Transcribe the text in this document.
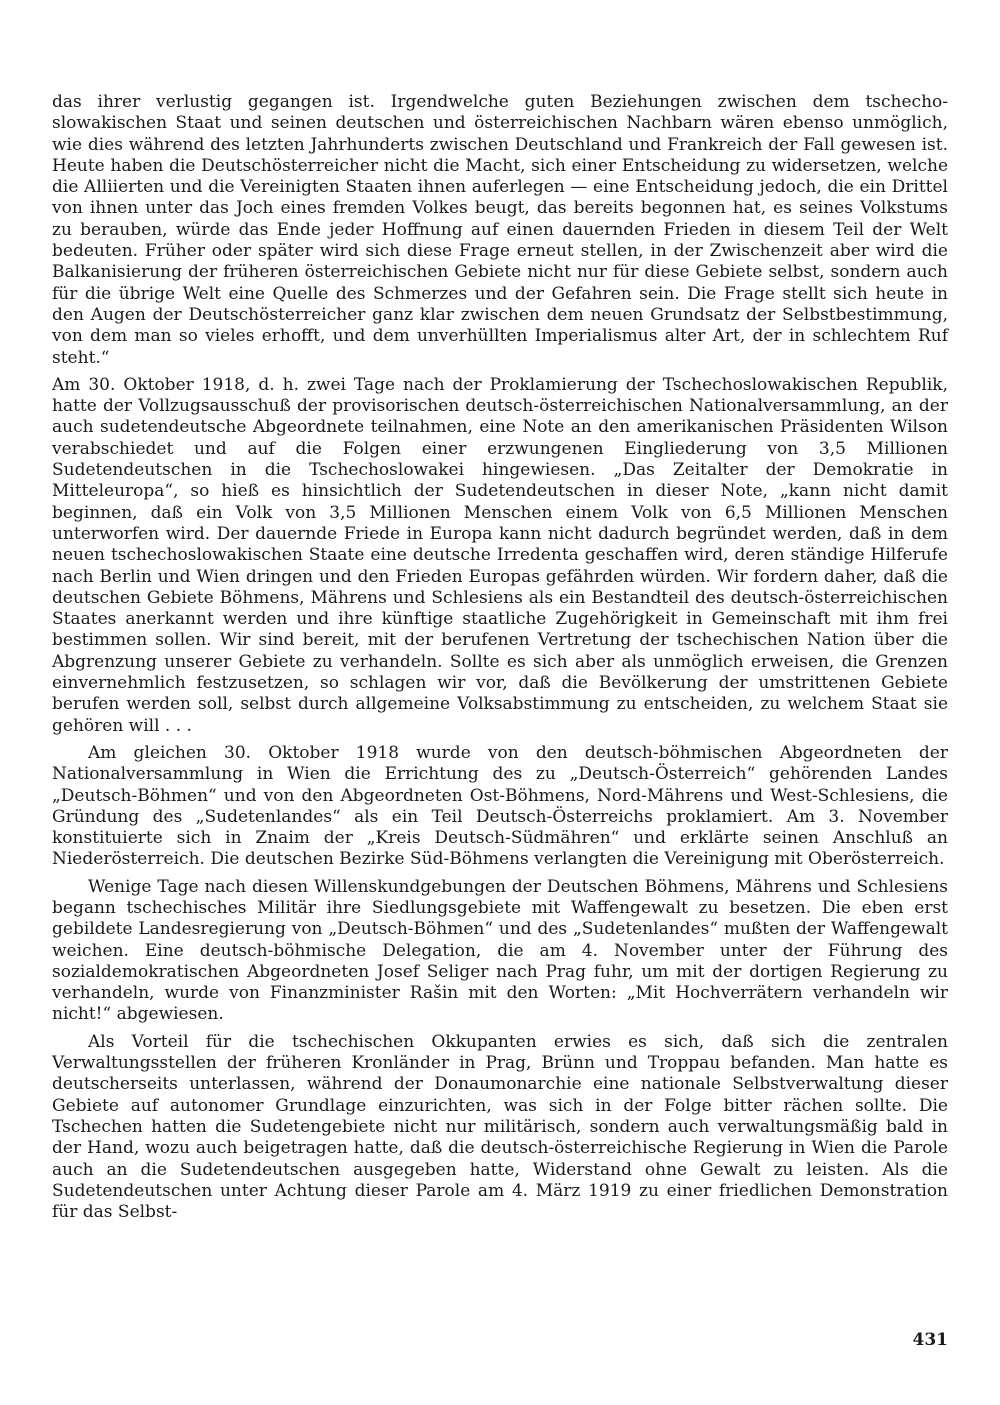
das ihrer verlustig gegangen ist. Irgendwelche guten Beziehungen zwischen dem tschechoslowakischen Staat und seinen deutschen und österreichischen Nachbarn wären ebenso unmöglich, wie dies während des letzten Jahrhunderts zwischen Deutschland und Frankreich der Fall gewesen ist. Heute haben die Deutschösterreicher nicht die Macht, sich einer Entscheidung zu widersetzen, welche die Alliierten und die Vereinigten Staaten ihnen auferlegen — eine Entscheidung jedoch, die ein Drittel von ihnen unter das Joch eines fremden Volkes beugt, das bereits begonnen hat, es seines Volkstums zu berauben, würde das Ende jeder Hoffnung auf einen dauernden Frieden in diesem Teil der Welt bedeuten. Früher oder später wird sich diese Frage erneut stellen, in der Zwischenzeit aber wird die Balkanisierung der früheren österreichischen Gebiete nicht nur für diese Gebiete selbst, sondern auch für die übrige Welt eine Quelle des Schmerzes und der Gefahren sein. Die Frage stellt sich heute in den Augen der Deutschösterreicher ganz klar zwischen dem neuen Grundsatz der Selbstbestimmung, von dem man so vieles erhofft, und dem unverhüllten Imperialismus alter Art, der in schlechtem Ruf steht.“

Am 30. Oktober 1918, d. h. zwei Tage nach der Proklamierung der Tschechoslowakischen Republik, hatte der Vollzugsausschuß der provisorischen deutsch-österreichischen Nationalversammlung, an der auch sudetendeutsche Abgeordnete teilnahmen, eine Note an den amerikanischen Präsidenten Wilson verabschiedet und auf die Folgen einer erzwungenen Eingliederung von 3,5 Millionen Sudetendeutschen in die Tschechoslowakei hingewiesen. „Das Zeitalter der Demokratie in Mitteleuropa“, so hieß es hinsichtlich der Sudetendeutschen in dieser Note, „kann nicht damit beginnen, daß ein Volk von 3,5 Millionen Menschen einem Volk von 6,5 Millionen Menschen unterworfen wird. Der dauernde Friede in Europa kann nicht dadurch begründet werden, daß in dem neuen tschechoslowakischen Staate eine deutsche Irredenta geschaffen wird, deren ständige Hilferufe nach Berlin und Wien dringen und den Frieden Europas gefährden würden. Wir fordern daher, daß die deutschen Gebiete Böhmens, Mährens und Schlesiens als ein Bestandteil des deutsch-österreichischen Staates anerkannt werden und ihre künftige staatliche Zugehörigkeit in Gemeinschaft mit ihm frei bestimmen sollen. Wir sind bereit, mit der berufenen Vertretung der tschechischen Nation über die Abgrenzung unserer Gebiete zu verhandeln. Sollte es sich aber als unmöglich erweisen, die Grenzen einvernehmlich festzusetzen, so schlagen wir vor, daß die Bevölkerung der umstrittenen Gebiete berufen werden soll, selbst durch allgemeine Volksabstimmung zu entscheiden, zu welchem Staat sie gehören will . . .

Am gleichen 30. Oktober 1918 wurde von den deutsch-böhmischen Abgeordneten der Nationalversammlung in Wien die Errichtung des zu „Deutsch-Österreich“ gehörenden Landes „Deutsch-Böhmen“ und von den Abgeordneten Ost-Böhmens, Nord-Mährens und West-Schlesiens, die Gründung des „Sudetenlandes“ als ein Teil Deutsch-Österreichs proklamiert. Am 3. November konstituierte sich in Znaim der „Kreis Deutsch-Südmähren“ und erklärte seinen Anschluß an Niederösterreich. Die deutschen Bezirke Süd-Böhmens verlangten die Vereinigung mit Oberösterreich.

Wenige Tage nach diesen Willenskundgebungen der Deutschen Böhmens, Mährens und Schlesiens begann tschechisches Militär ihre Siedlungsgebiete mit Waffengewalt zu besetzen. Die eben erst gebildete Landesregierung von „Deutsch-Böhmen“ und des „Sudetenlandes“ mußten der Waffengewalt weichen. Eine deutsch-böhmische Delegation, die am 4. November unter der Führung des sozialdemokratischen Abgeordneten Josef Seliger nach Prag fuhr, um mit der dortigen Regierung zu verhandeln, wurde von Finanzminister Rašin mit den Worten: „Mit Hochverrätern verhandeln wir nicht!“ abgewiesen.

Als Vorteil für die tschechischen Okkupanten erwies es sich, daß sich die zentralen Verwaltungsstellen der früheren Kronländer in Prag, Brünn und Troppau befanden. Man hatte es deutscherseits unterlassen, während der Donaumonarchie eine nationale Selbstverwaltung dieser Gebiete auf autonomer Grundlage einzurichten, was sich in der Folge bitter rächen sollte. Die Tschechen hatten die Sudetengebiete nicht nur militärisch, sondern auch verwaltungsmäßig bald in der Hand, wozu auch beigetragen hatte, daß die deutsch-österreichische Regierung in Wien die Parole auch an die Sudetendeutschen ausgegeben hatte, Widerstand ohne Gewalt zu leisten. Als die Sudetendeutschen unter Achtung dieser Parole am 4. März 1919 zu einer friedlichen Demonstration für das Selbst-

431
